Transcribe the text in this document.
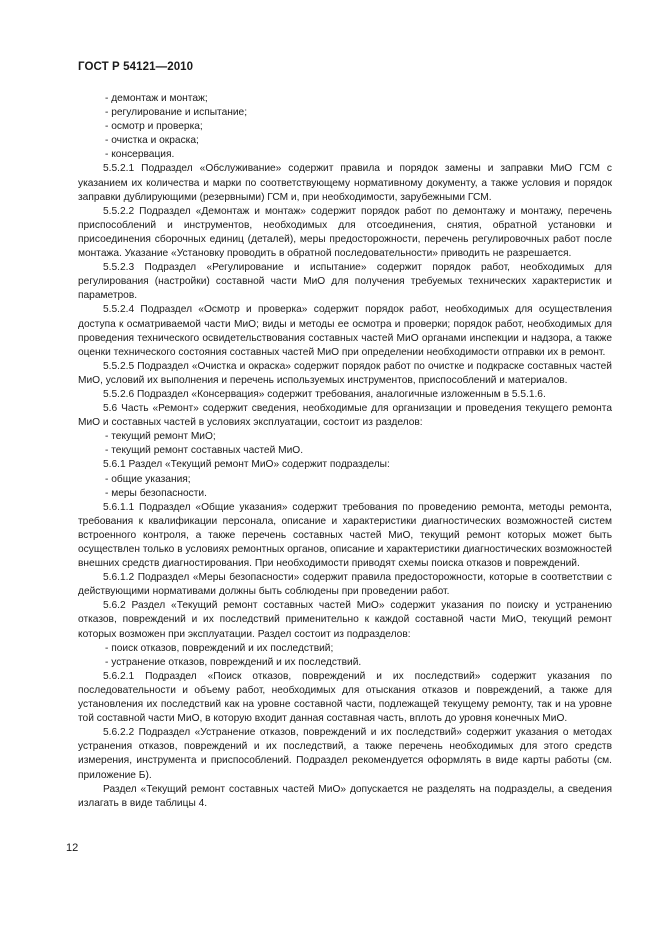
ГОСТ Р 54121—2010

- демонтаж и монтаж;

- регулирование и испытание;

- осмотр и проверка;

- очистка и окраска;

- консервация.

5.5.2.1 Подраздел «Обслуживание» содержит правила и порядок замены и заправки МиО ГСМ с указанием их количества и марки по соответствующему нормативному документу, а также условия и порядок заправки дублирующими (резервными) ГСМ и, при необходимости, зарубежными ГСМ.

5.5.2.2 Подраздел «Демонтаж и монтаж» содержит порядок работ по демонтажу и монтажу, перечень приспособлений и инструментов, необходимых для отсоединения, снятия, обратной установки и присоединения сборочных единиц (деталей), меры предосторожности, перечень регулировочных работ после монтажа. Указание «Установку проводить в обратной последовательности» приводить не разрешается.

5.5.2.3 Подраздел «Регулирование и испытание» содержит порядок работ, необходимых для регулирования (настройки) составной части МиО для получения требуемых технических характеристик и параметров.

5.5.2.4 Подраздел «Осмотр и проверка» содержит порядок работ, необходимых для осуществления доступа к осматриваемой части МиО; виды и методы ее осмотра и проверки; порядок работ, необходимых для проведения технического освидетельствования составных частей МиО органами инспекции и надзора, а также оценки технического состояния составных частей МиО при определении необходимости отправки их в ремонт.

5.5.2.5 Подраздел «Очистка и окраска» содержит порядок работ по очистке и подкраске составных частей МиО, условий их выполнения и перечень используемых инструментов, приспособлений и материалов.

5.5.2.6 Подраздел «Консервация» содержит требования, аналогичные изложенным в 5.5.1.6.

5.6 Часть «Ремонт» содержит сведения, необходимые для организации и проведения текущего ремонта МиО и составных частей в условиях эксплуатации, состоит из разделов:

- текущий ремонт МиО;

- текущий ремонт составных частей МиО.

5.6.1 Раздел «Текущий ремонт МиО» содержит подразделы:

- общие указания;

- меры безопасности.

5.6.1.1 Подраздел «Общие указания» содержит требования по проведению ремонта, методы ремонта, требования к квалификации персонала, описание и характеристики диагностических возможностей систем встроенного контроля, а также перечень составных частей МиО, текущий ремонт которых может быть осуществлен только в условиях ремонтных органов, описание и характеристики диагностических возможностей внешних средств диагностирования. При необходимости приводят схемы поиска отказов и повреждений.

5.6.1.2 Подраздел «Меры безопасности» содержит правила предосторожности, которые в соответствии с действующими нормативами должны быть соблюдены при проведении работ.

5.6.2 Раздел «Текущий ремонт составных частей МиО» содержит указания по поиску и устранению отказов, повреждений и их последствий применительно к каждой составной части МиО, текущий ремонт которых возможен при эксплуатации. Раздел состоит из подразделов:

- поиск отказов, повреждений и их последствий;

- устранение отказов, повреждений и их последствий.

5.6.2.1 Подраздел «Поиск отказов, повреждений и их последствий» содержит указания по последовательности и объему работ, необходимых для отыскания отказов и повреждений, а также для установления их последствий как на уровне составной части, подлежащей текущему ремонту, так и на уровне той составной части МиО, в которую входит данная составная часть, вплоть до уровня конечных МиО.

5.6.2.2 Подраздел «Устранение отказов, повреждений и их последствий» содержит указания о методах устранения отказов, повреждений и их последствий, а также перечень необходимых для этого средств измерения, инструмента и приспособлений. Подраздел рекомендуется оформлять в виде карты работы (см. приложение Б).

Раздел «Текущий ремонт составных частей МиО» допускается не разделять на подразделы, а сведения излагать в виде таблицы 4.

12
